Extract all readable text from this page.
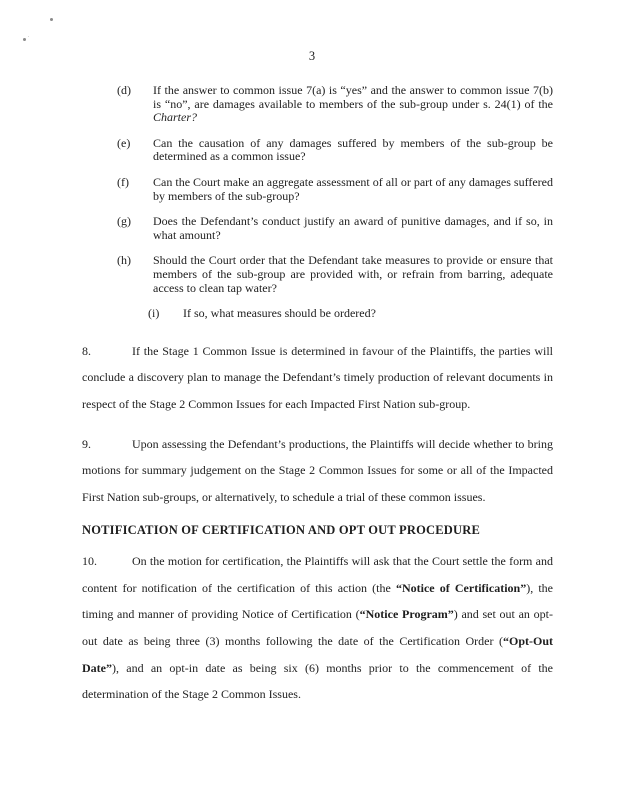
3
(d)	If the answer to common issue 7(a) is “yes” and the answer to common issue 7(b) is “no”, are damages available to members of the sub-group under s. 24(1) of the Charter?
(e)	Can the causation of any damages suffered by members of the sub-group be determined as a common issue?
(f)	Can the Court make an aggregate assessment of all or part of any damages suffered by members of the sub-group?
(g)	Does the Defendant’s conduct justify an award of punitive damages, and if so, in what amount?
(h)	Should the Court order that the Defendant take measures to provide or ensure that members of the sub-group are provided with, or refrain from barring, adequate access to clean tap water?
(i)	If so, what measures should be ordered?

8.	If the Stage 1 Common Issue is determined in favour of the Plaintiffs, the parties will conclude a discovery plan to manage the Defendant’s timely production of relevant documents in respect of the Stage 2 Common Issues for each Impacted First Nation sub-group.

9.	Upon assessing the Defendant’s productions, the Plaintiffs will decide whether to bring motions for summary judgement on the Stage 2 Common Issues for some or all of the Impacted First Nation sub-groups, or alternatively, to schedule a trial of these common issues.

NOTIFICATION OF CERTIFICATION AND OPT OUT PROCEDURE

10.	On the motion for certification, the Plaintiffs will ask that the Court settle the form and content for notification of the certification of this action (the “Notice of Certification”), the timing and manner of providing Notice of Certification (“Notice Program”) and set out an opt-out date as being three (3) months following the date of the Certification Order (“Opt-Out Date”), and an opt-in date as being six (6) months prior to the commencement of the determination of the Stage 2 Common Issues.
